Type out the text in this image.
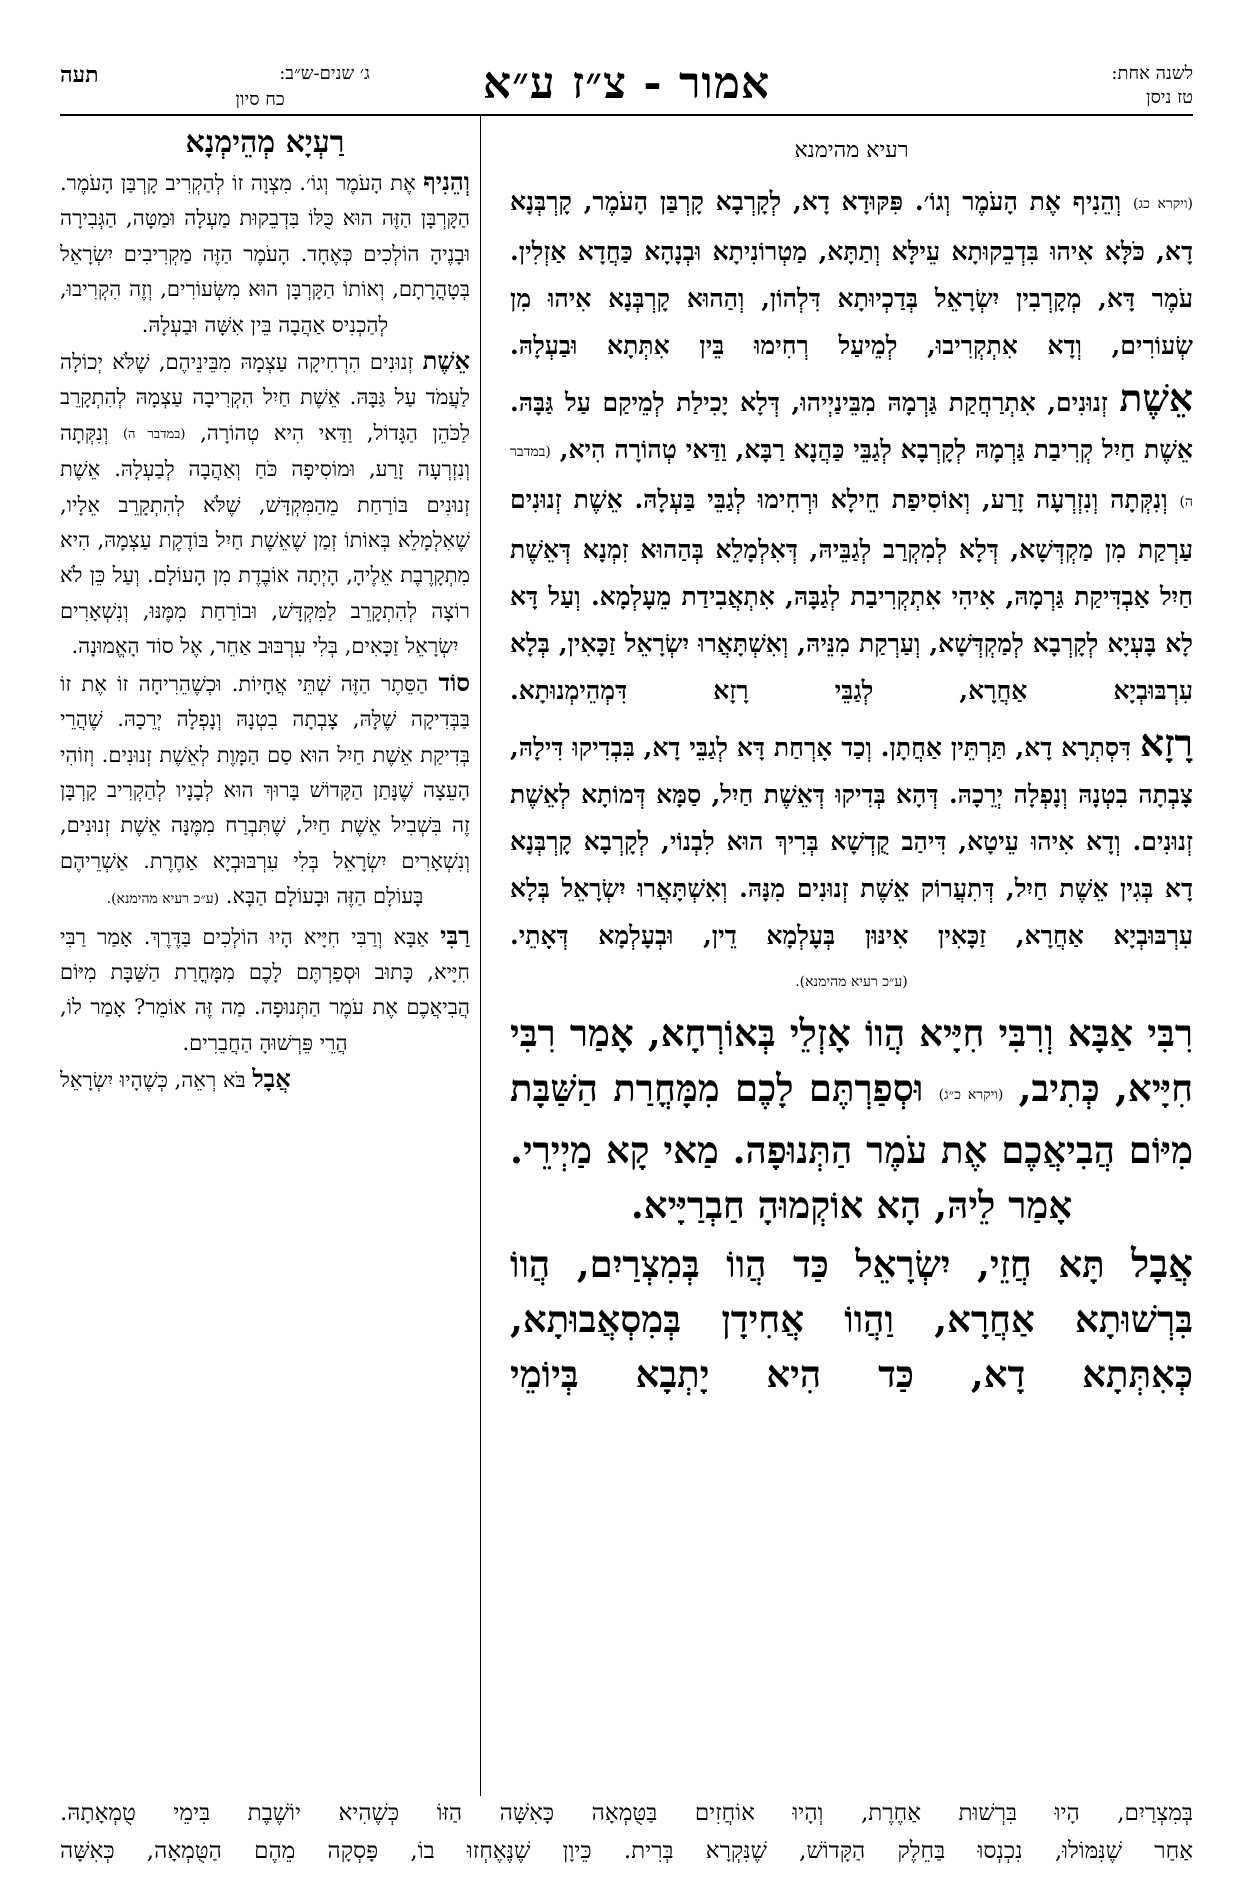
לשנה אחת:
טז ניסן
אמור - צ״ז ע״א
ג׳ שנים-ש״ב:
כח סיון
תעה
רעיא מהימנא

(ויקרא כג) וְהֵנִיף אֶת הָעֹמֶר וְגוֹ׳. פִּקּוּדָא דָא, לְקָרְבָא קָרְבַּן הָעֹמֶר, קָרְבְּנָא דָא, כֹּלָּא אִיהוּ בִּדְבֵקוּתָא עֵילָּא וְתַתָּא, מַטְרוֹנִיתָא וּבְנָהָא כַּחֲדָא אַזְלִין. עֹמֶר דָּא, מְקָרְבִין יִשְׂרָאֵל בְּדַכְיוּתָא דִּלְהוֹן, וְהַהוּא קָרְבְּנָא אִיהוּ מִן שְׂעוֹרִים, וְדָא אִתְקְרִיבוּ, לְמֵיעַל רְחִימוּ בֵּין אִתְּתָא וּבַעְלָהּ.

אֵשֶׁת זְנוּנִים, אִתְרַחֲקַת גַּרְמָהּ מִבֵּינַיְיהוּ, דְּלָא יָכִילַת לְמֵיקַם עַל גַּבָּהּ. אֵשֶׁת חַיִל קְרִיבַת גַּרְמָהּ לְקָרְבָא לְגַבֵּי כַּהֲנָא רַבָּא, וַדַּאי טְהוֹרָה הִיא, (במדבר ה) וְנִקְּתָה וְנִזְרְעָה זָרַע, וְאוֹסִיפַת חֵילָא וּרְחִימוּ לְגַבֵּי בַּעְלָהּ. אֵשֶׁת זְנוּנִים עַרְקַת מִן מַקְדְּשָׁא, דְּלָא לְמִקְרַב לְגַבֵּיהּ, דְּאִלְמָלֵא בְּהַהוּא זִמְנָא דְּאֵשֶׁת חַיִל אַבְדִּיקַת גַּרְמָהּ, אִיהִי אִתְקְרִיבַת לְגַבָּהּ, אִתְאֲבִידַת מֵעָלְמָא. וְעַל דָּא לָא בָּעְיָא לְקָרְבָא לְמַקְדְּשָׁא, וְעַרְקַת מִנֵּיהּ, וְאִשְׁתָּאֲרוּ יִשְׂרָאֵל זַכָּאִין, בְּלָא עִרְבּוּבְיָא אַחֲרָא, לְגַבֵּי רָזָא דִּמְהֵימְנוּתָא.

רָזָא דִּסְתְרָא דָא, תַּרְתֵּין אַחֲתָן. וְכַד אָרְחַת דָּא לְגַבֵּי דָא, בִּבְדִיקוּ דִּילָהּ, צָבְתָה בִטְנָהּ וְנָפְלָה יְרֵכָהּ. דְּהָא בְּדִיקוּ דְּאֵשֶׁת חַיִל, סַמָּא דְּמוֹתָא לְאֵשֶׁת זְנוּנִים. וְדָא אִיהוּ עֵיטָא, דִּיהַב קֻדְשָׁא בְּרִיךְ הוּא לִבְנוֹי, לְקָרְבָא קָרְבְּנָא דָא בְּגִין אֵשֶׁת חַיִל, דְּתִעֲרוֹק אֵשֶׁת זְנוּנִים מִנָּהּ. וְאִשְׁתָּאֲרוּ יִשְׂרָאֵל בְּלָא עִרְבּוּבְיָא אַחֲרָא, זַכָּאִין אִינּוּן בְּעָלְמָא דֵין, וּבְעָלְמָא דְּאָתֵי.

(ע״כ רעיא מהימנא).

רִבִּי אַבָּא וְרִבִּי חִיָּיא הֲווֹ אָזְלֵי בְּאוֹרְחָא, אָמַר רִבִּי חִיָּיא, כְּתִיב, (ויקרא כ״ג) וּסְפַרְתֶּם לָכֶם מִמָּחֳרַת הַשַּׁבָּת מִיּוֹם הֲבִיאֲכֶם אֶת עֹמֶר הַתְּנוּפָה. מַאי קָא מַיְירֵי. אָמַר לֵיהּ, הָא אוֹקְמוּהָ חַבְרַיָּיא.

אֲבָל תָּא חֲזֵי, יִשְׂרָאֵל כַּד הֲווֹ בְּמִצְרַיִם, הֲווֹ בִּרְשׁוּתָא אַחֲרָא, וַהֲווֹ אֲחִידָן בְּמִסְאֲבוּתָא, כְּאִתְּתָא דָא, כַּד הִיא יָתְבָא בְּיוֹמֵי

רַעְיָא מְהֵימְנָא

וְהֵנִיף אֶת הָעֹמֶר וְגוֹ׳. מִצְוָה זוֹ לְהַקְרִיב קָרְבַּן הָעֹמֶר. הַקָּרְבָּן הַזֶּה הוּא כֻּלּוֹ בִּדְבֵקוּת מַעְלָה וּמַטָּה, הַגְּבִירָה וּבָנֶיהָ הוֹלְכִים כְּאֶחָד. הָעֹמֶר הַזֶּה מַקְרִיבִים יִשְׂרָאֵל בְּטָהֳרָתָם, וְאוֹתוֹ הַקָּרְבָּן הוּא מִשְּׂעוֹרִים, וְזֶה הִקְרִיבוּ, לְהַכְנִיס אַהֲבָה בֵּין אִשָּׁה וּבַעְלָהּ.

אֵשֶׁת זְנוּנִים הִרְחִיקָה עַצְמָהּ מִבֵּינֵיהֶם, שֶׁלֹּא יְכוֹלָה לַעֲמֹד עַל גַּבָּהּ. אֵשֶׁת חַיִל הִקְרִיבָה עַצְמָהּ לְהִתְקָרֵב לַכֹּהֵן הַגָּדוֹל, וַדַּאי הִיא טְהוֹרָה, (במדבר ה) וְנִקְּתָה וְנִזְרְעָה זָרַע, וּמוֹסִיפָה כֹּחַ וְאַהֲבָה לְבַעְלָהּ. אֵשֶׁת זְנוּנִים בּוֹרַחַת מֵהַמִּקְדָּשׁ, שֶׁלֹּא לְהִתְקָרֵב אֵלָיו, שֶׁאִלְמָלֵא בְּאוֹתוֹ זְמַן שֶׁאֵשֶׁת חַיִל בּוֹדֶקֶת עַצְמָהּ, הִיא מִתְקָרֶבֶת אֵלֶיהָ, הָיְתָה אוֹבֶדֶת מִן הָעוֹלָם. וְעַל כֵּן לֹא רוֹצָה לְהִתְקָרֵב לַמִּקְדָּשׁ, וּבוֹרַחַת מִמֶּנּוּ, וְנִשְׁאָרִים יִשְׂרָאֵל זַכָּאִים, בְּלִי עִרְבּוּב אַחֵר, אֶל סוֹד הָאֱמוּנָה.

סוֹד הַסֵּתֶר הַזֶּה שְׁתֵּי אֲחָיוֹת. וּכְשֶׁהֵרִיחָה זוֹ אֶת זוֹ בַּבְּדִיקָה שֶׁלָּהּ, צָבְתָה בִטְנָהּ וְנָפְלָה יְרֵכָהּ. שֶׁהֲרֵי בְּדִיקַת אֵשֶׁת חַיִל הוּא סַם הַמָּוֶת לְאֵשֶׁת זְנוּנִים. וְזוֹהִי הָעֵצָה שֶׁנָּתַן הַקָּדוֹשׁ בָּרוּךְ הוּא לְבָנָיו לְהַקְרִיב קָרְבָּן זֶה בִּשְׁבִיל אֵשֶׁת חַיִל, שֶׁתִּבְרַח מִמֶּנָּה אֵשֶׁת זְנוּנִים, וְנִשְׁאָרִים יִשְׂרָאֵל בְּלִי עִרְבּוּבְיָא אַחֶרֶת. אַשְׁרֵיהֶם בָּעוֹלָם הַזֶּה וּבָעוֹלָם הַבָּא. (ע״כ רעיא מהימנא).

רַבִּי אַבָּא וְרַבִּי חִיָּיא הָיוּ הוֹלְכִים בַּדֶּרֶךְ. אָמַר רַבִּי חִיָּיא, כָּתוּב וּסְפַרְתֶּם לָכֶם מִמָּחֳרַת הַשַּׁבָּת מִיּוֹם הֲבִיאֲכֶם אֶת עֹמֶר הַתְּנוּפָה. מַה זֶּה אוֹמֵר? אָמַר לוֹ, הֲרֵי פֵּרְשׁוּהָ הַחֲבֵרִים.

אֲבָל בֹּא רְאֵה, כְּשֶׁהָיוּ יִשְׂרָאֵל

בְּמִצְרַיִם, הָיוּ בִּרְשׁוּת אַחֶרֶת, וְהָיוּ אוֹחֲזִים בַּטֻּמְאָה כָּאִשָּׁה הַזּוֹ כְּשֶׁהִיא יוֹשֶׁבֶת בִּימֵי טֻמְאָתָהּ.

אַחַר שֶׁנִּמּוֹלוּ, נִכְנְסוּ בַּחֵלֶק הַקָּדוֹשׁ, שֶׁנִּקְרָא בְּרִית. כֵּיוָן שֶׁנֶּאֶחְזוּ בוֹ, פָּסְקָה מֵהֶם הַטֻּמְאָה, כְּאִשָּׁה
